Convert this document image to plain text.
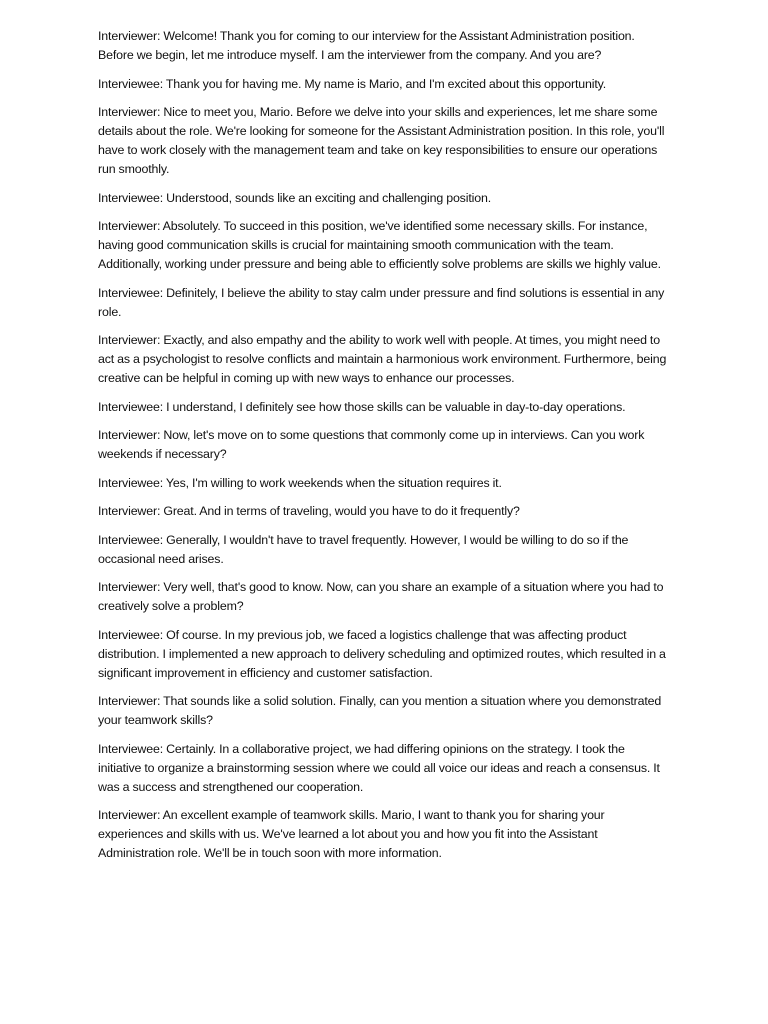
Interviewer: Welcome! Thank you for coming to our interview for the Assistant Administration position. Before we begin, let me introduce myself. I am the interviewer from the company. And you are?

Interviewee: Thank you for having me. My name is Mario, and I'm excited about this opportunity.

Interviewer: Nice to meet you, Mario. Before we delve into your skills and experiences, let me share some details about the role. We're looking for someone for the Assistant Administration position. In this role, you'll have to work closely with the management team and take on key responsibilities to ensure our operations run smoothly.

Interviewee: Understood, sounds like an exciting and challenging position.

Interviewer: Absolutely. To succeed in this position, we've identified some necessary skills. For instance, having good communication skills is crucial for maintaining smooth communication with the team. Additionally, working under pressure and being able to efficiently solve problems are skills we highly value.

Interviewee: Definitely, I believe the ability to stay calm under pressure and find solutions is essential in any role.

Interviewer: Exactly, and also empathy and the ability to work well with people. At times, you might need to act as a psychologist to resolve conflicts and maintain a harmonious work environment. Furthermore, being creative can be helpful in coming up with new ways to enhance our processes.

Interviewee: I understand, I definitely see how those skills can be valuable in day-to-day operations.

Interviewer: Now, let's move on to some questions that commonly come up in interviews. Can you work weekends if necessary?

Interviewee: Yes, I'm willing to work weekends when the situation requires it.

Interviewer: Great. And in terms of traveling, would you have to do it frequently?

Interviewee: Generally, I wouldn't have to travel frequently. However, I would be willing to do so if the occasional need arises.

Interviewer: Very well, that's good to know. Now, can you share an example of a situation where you had to creatively solve a problem?

Interviewee: Of course. In my previous job, we faced a logistics challenge that was affecting product distribution. I implemented a new approach to delivery scheduling and optimized routes, which resulted in a significant improvement in efficiency and customer satisfaction.

Interviewer: That sounds like a solid solution. Finally, can you mention a situation where you demonstrated your teamwork skills?

Interviewee: Certainly. In a collaborative project, we had differing opinions on the strategy. I took the initiative to organize a brainstorming session where we could all voice our ideas and reach a consensus. It was a success and strengthened our cooperation.

Interviewer: An excellent example of teamwork skills. Mario, I want to thank you for sharing your experiences and skills with us. We've learned a lot about you and how you fit into the Assistant Administration role. We'll be in touch soon with more information.
